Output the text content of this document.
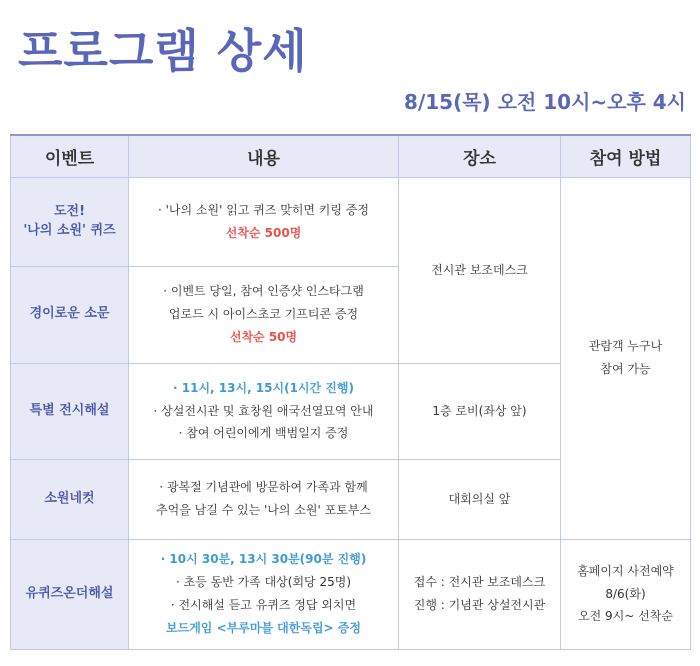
프로그램 상세
8/15(목) 오전 10시~오후 4시
이벤트	내용	장소	참여 방법

도전!
'나의 소원' 퀴즈	· '나의 소원' 읽고 퀴즈 맞히면 키링 증정
선착순 500명	전시관 보조데스크	관람객 누구나
참여 가능

경이로운 소문	· 이벤트 당일, 참여 인증샷 인스타그램
업로드 시 아이스초코 기프티콘 증정
선착순 50명		

특별 전시해설	· 11시, 13시, 15시(1시간 진행)
· 상설전시관 및 효창원 애국선열묘역 안내
· 참여 어린이에게 백범일지 증정	1층 로비(좌상 앞)	

소원네컷	· 광복절 기념관에 방문하여 가족과 함께
추억을 남길 수 있는 '나의 소원' 포토부스	대회의실 앞	

유퀴즈온더해설	· 10시 30분, 13시 30분(90분 진행)
· 초등 동반 가족 대상(회당 25명)
· 전시해설 듣고 유퀴즈 정답 외치면
보드게임 <부루마블 대한독립> 증정	접수 : 전시관 보조데스크
진행 : 기념관 상설전시관	홈페이지 사전예약
8/6(화)
오전 9시~ 선착순
